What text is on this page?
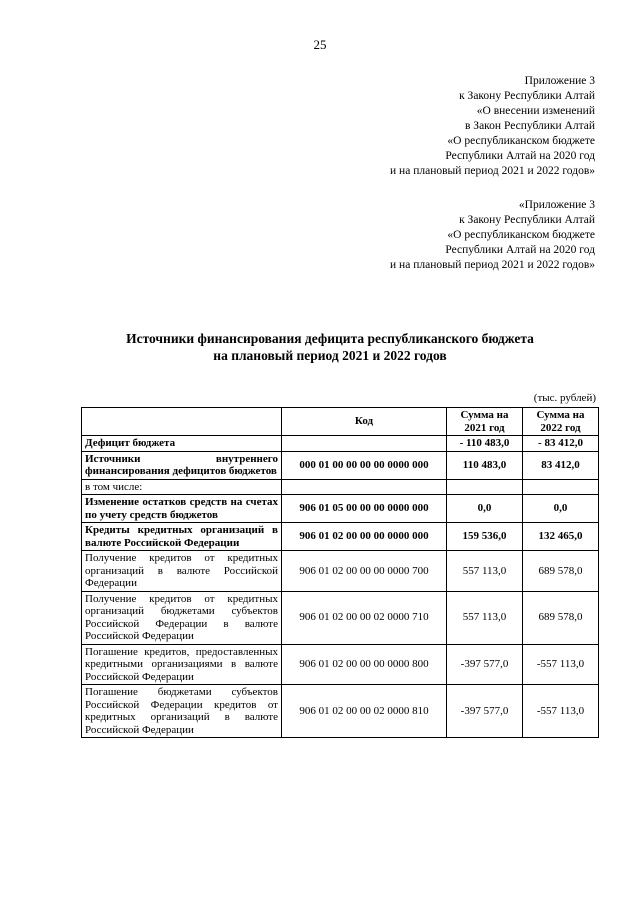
25
Приложение 3
к Закону Республики Алтай
«О внесении изменений
в Закон Республики Алтай
«О республиканском бюджете
Республики Алтай на 2020 год
и на плановый период 2021 и 2022 годов»
«Приложение 3
к Закону Республики Алтай
«О республиканском бюджете
Республики Алтай на 2020 год
и на плановый период 2021 и 2022 годов»
Источники финансирования дефицита республиканского бюджета
на плановый период 2021 и 2022 годов
(тыс. рублей)
	Код	Сумма на 2021 год	Сумма на 2022 год
Дефицит бюджета		- 110 483,0	- 83 412,0
Источники внутреннего финансирования дефицитов бюджетов	000 01 00 00 00 00 0000 000	110 483,0	83 412,0
в том числе:			
Изменение остатков средств на счетах по учету средств бюджетов	906 01 05 00 00 00 0000 000	0,0	0,0
Кредиты кредитных организаций в валюте Российской Федерации	906 01 02 00 00 00 0000 000	159 536,0	132 465,0
Получение кредитов от кредитных организаций в валюте Российской Федерации	906 01 02 00 00 00 0000 700	557 113,0	689 578,0
Получение кредитов от кредитных организаций бюджетами субъектов Российской Федерации в валюте Российской Федерации	906 01 02 00 00 02 0000 710	557 113,0	689 578,0
Погашение кредитов, предоставленных кредитными организациями в валюте Российской Федерации	906 01 02 00 00 00 0000 800	-397 577,0	-557 113,0
Погашение бюджетами субъектов Российской Федерации кредитов от кредитных организаций в валюте Российской Федерации	906 01 02 00 00 02 0000 810	-397 577,0	-557 113,0
